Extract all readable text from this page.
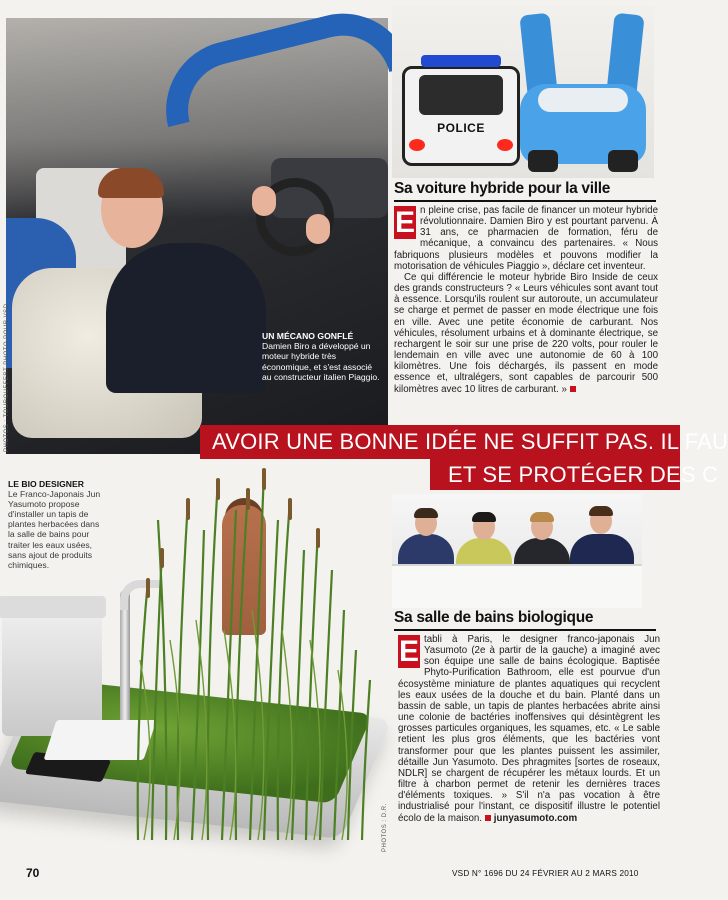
PHOTOS : TOUROUFFERT PHOTO POUR VSD	UN MÉCANO GONFLÉ
Damien Biro a développé un moteur hybride très économique, et s'est associé au constructeur italien Piaggio.
POLICE
Sa voiture hybride pour la ville

E n pleine crise, pas facile de financer un moteur hybride révolutionnaire. Damien Biro y est pourtant parvenu. À 31 ans, ce pharmacien de formation, féru de mécanique, a convaincu des partenaires. « Nous fabriquons plusieurs modèles et pouvons modifier la motorisation de véhicules Piaggio », déclare cet inventeur.

Ce qui différencie le moteur hybride Biro Inside de ceux des grands constructeurs ? « Leurs véhicules sont avant tout à essence. Lorsqu'ils roulent sur autoroute, un accumulateur se charge et permet de passer en mode électrique une fois en ville. Avec une petite économie de carburant. Nos véhicules, résolument urbains et à dominante électrique, se rechargent le soir sur une prise de 220 volts, pour rouler le lendemain en ville avec une autonomie de 60 à 100 kilomètres. Une fois déchargés, ils passent en mode essence et, ultralégers, sont capables de parcourir 500 kilomètres avec 10 litres de carburant. »

AVOIR UNE BONNE IDÉE NE SUFFIT PAS. IL FAU
ET SE PROTÉGER DES C
LE BIO DESIGNER
Le Franco-Japonais Jun Yasumoto propose d'installer un tapis de plantes herbacées dans la salle de bains pour traiter les eaux usées, sans ajout de produits chimiques.
PHOTOS : D.R.
Sa salle de bains biologique

E tabli à Paris, le designer franco-japonais Jun Yasumoto (2e à partir de la gauche) a imaginé avec son équipe une salle de bains écologique. Baptisée Phyto-Purification Bathroom, elle est pourvue d'un écosystème miniature de plantes aquatiques qui recyclent les eaux usées de la douche et du bain. Planté dans un bassin de sable, un tapis de plantes herbacées abrite ainsi une colonie de bactéries inoffensives qui désintègrent les grosses particules organiques, les squames, etc. « Le sable retient les plus gros éléments, que les bactéries vont transformer pour que les plantes puissent les assimiler, détaille Jun Yasumoto. Des phragmites [sortes de roseaux, NDLR] se chargent de récupérer les métaux lourds. Et un filtre à charbon permet de retenir les dernières traces d'éléments toxiques. » S'il n'a pas vocation à être industrialisé pour l'instant, ce dispositif illustre le potentiel écolo de la maison. junyasumoto.com

70	VSD N° 1696 DU 24 FÉVRIER AU 2 MARS 2010
